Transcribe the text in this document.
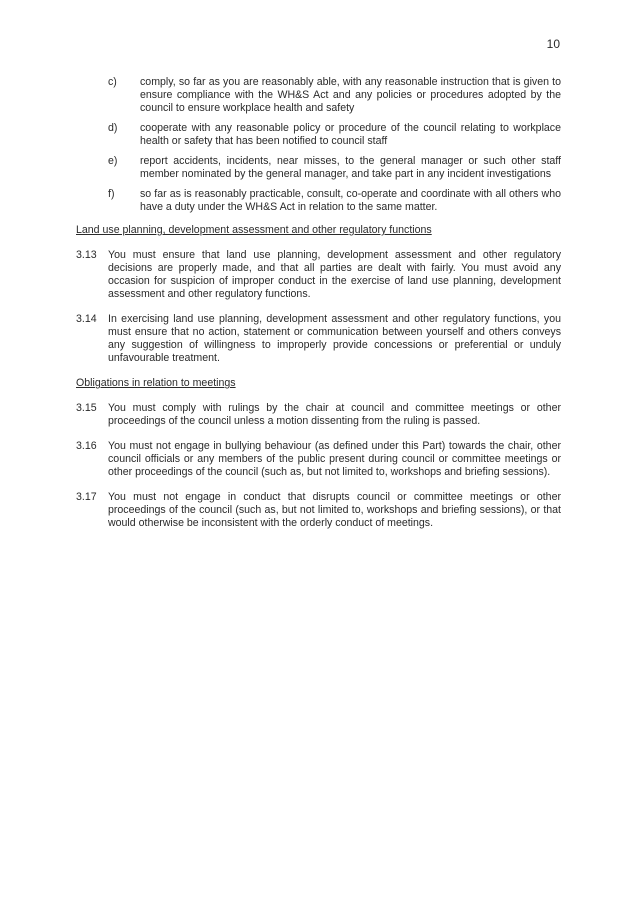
10
c)	comply, so far as you are reasonably able, with any reasonable instruction that is given to ensure compliance with the WH&S Act and any policies or procedures adopted by the council to ensure workplace health and safety

d)	cooperate with any reasonable policy or procedure of the council relating to workplace health or safety that has been notified to council staff

e)	report accidents, incidents, near misses, to the general manager or such other staff member nominated by the general manager, and take part in any incident investigations

f)	so far as is reasonably practicable, consult, co-operate and coordinate with all others who have a duty under the WH&S Act in relation to the same matter.

Land use planning, development assessment and other regulatory functions

3.13	You must ensure that land use planning, development assessment and other regulatory decisions are properly made, and that all parties are dealt with fairly. You must avoid any occasion for suspicion of improper conduct in the exercise of land use planning, development assessment and other regulatory functions.

3.14	In exercising land use planning, development assessment and other regulatory functions, you must ensure that no action, statement or communication between yourself and others conveys any suggestion of willingness to improperly provide concessions or preferential or unduly unfavourable treatment.

Obligations in relation to meetings

3.15	You must comply with rulings by the chair at council and committee meetings or other proceedings of the council unless a motion dissenting from the ruling is passed.

3.16	You must not engage in bullying behaviour (as defined under this Part) towards the chair, other council officials or any members of the public present during council or committee meetings or other proceedings of the council (such as, but not limited to, workshops and briefing sessions).

3.17	You must not engage in conduct that disrupts council or committee meetings or other proceedings of the council (such as, but not limited to, workshops and briefing sessions), or that would otherwise be inconsistent with the orderly conduct of meetings.
